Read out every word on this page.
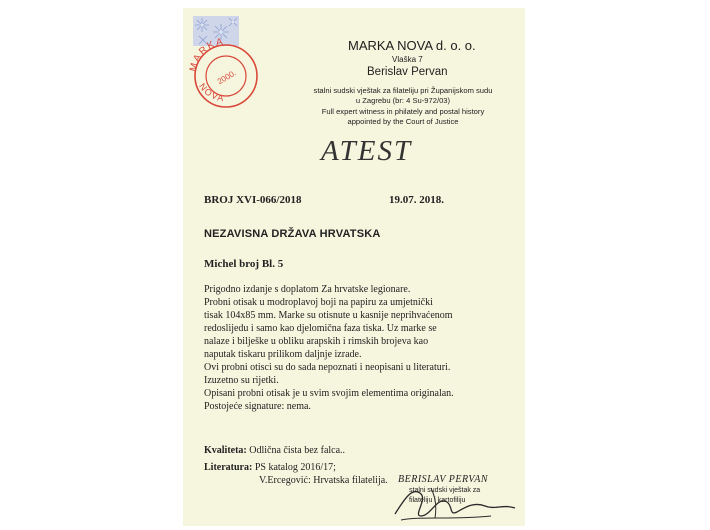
MARKA
NOVA
2000.
MARKA NOVA d. o. o.
Vlaška 7
Berislav Pervan
stalni sudski vještak za filateliju pri Županijskom sudu
u Zagrebu (br: 4 Su-972/03)
Full expert witness in philately and postal history
appointed by the Court of Justice
ATEST
BROJ XVI-066/2018	19.07. 2018.
NEZAVISNA DRŽAVA HRVATSKA
Michel broj Bl. 5
Prigodno izdanje s doplatom Za hrvatske legionare.
Probni otisak u modroplavoj boji na papiru za umjetnički
tisak 104x85 mm. Marke su otisnute u kasnije neprihvaćenom
redoslijedu i samo kao djelomična faza tiska. Uz marke se
nalaze i bilješke u obliku arapskih i rimskih brojeva kao
naputak tiskaru prilikom daljnje izrade.
Ovi probni otisci su do sada nepoznati i neopisani u literaturi.
Izuzetno su rijetki.
Opisani probni otisak je u svim svojim elementima originalan.
Postojeće signature: nema.
Kvaliteta: Odlična čista bez falca..
Literatura: PS katalog 2016/17;
V.Ercegović: Hrvatska filatelija. BERISLAV PERVAN
stalni sudski vještak za
filateliju i kartofiliju
